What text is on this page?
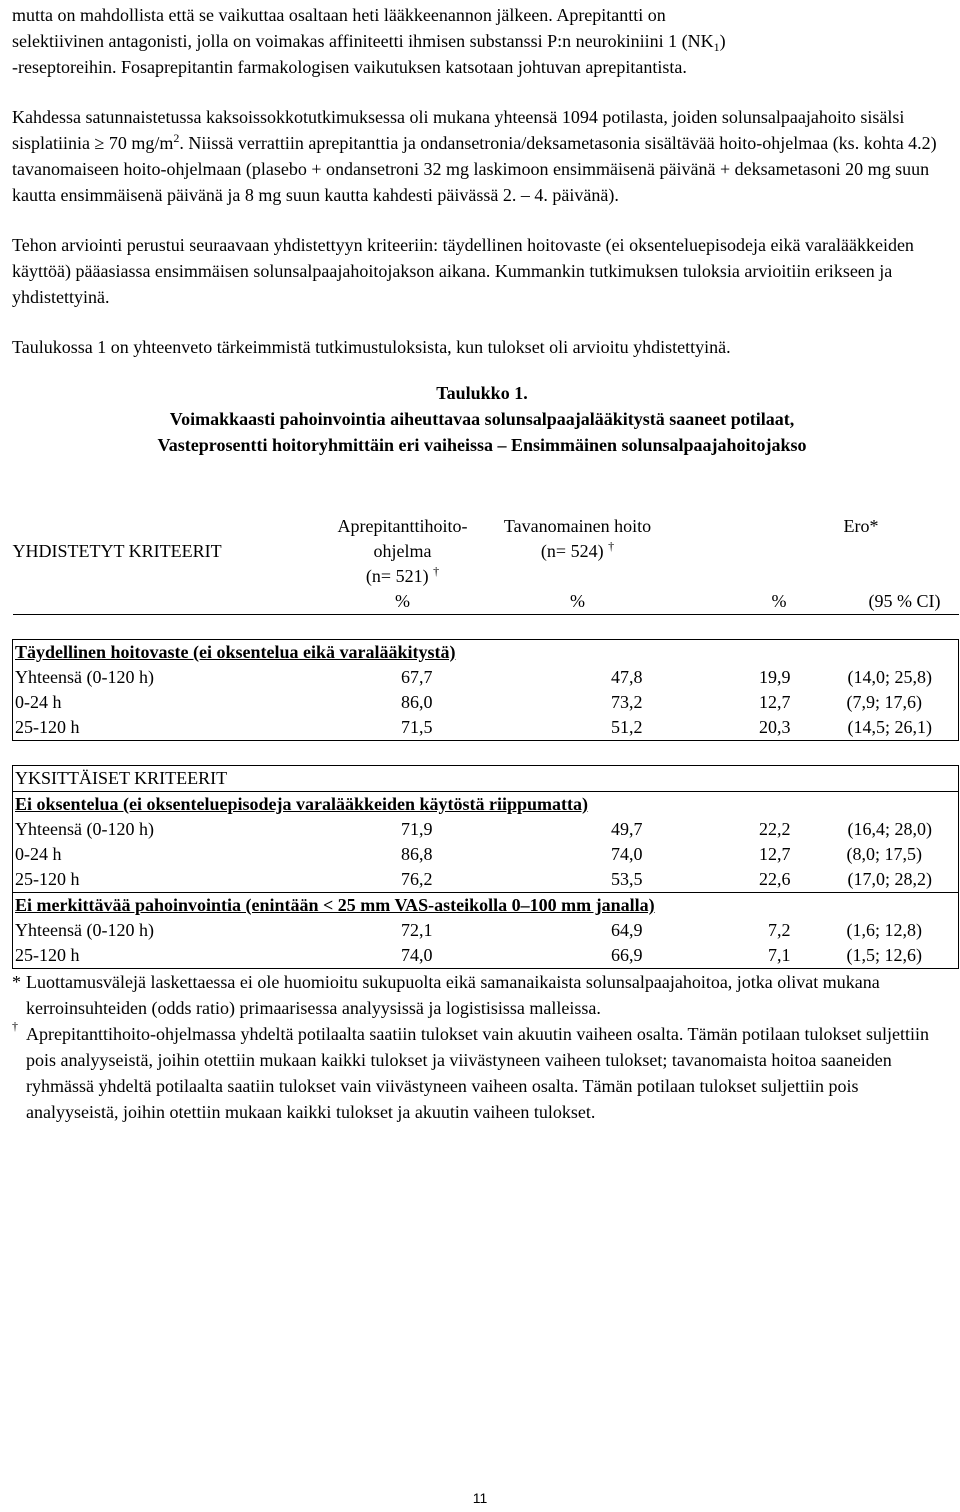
mutta on mahdollista että se vaikuttaa osaltaan heti lääkkeenannon jälkeen. Aprepitantti on

selektiivinen antagonisti, jolla on voimakas affiniteetti ihmisen substanssi P:n neurokiniini 1 $(NK_1)$

-reseptoreihin. Fosaprepitantin farmakologisen vaikutuksen katsotaan johtuvan aprepitantista.

Kahdessa satunnaistetussa kaksoissokkotutkimuksessa oli mukana yhteensä 1094 potilasta, joiden solunsalpaajahoito sisälsi sisplatiinia ≥ 70 $mg/m^2$. Niissä verrattiin aprepitanttia ja ondansetronia/deksametasonia sisältävää hoito-ohjelmaa (ks. kohta 4.2) tavanomaiseen hoito-ohjelmaan (plasebo + ondansetroni 32 mg laskimoon ensimmäisenä päivänä + deksametasoni 20 mg suun kautta ensimmäisenä päivänä ja 8 mg suun kautta kahdesti päivässä 2. – 4. päivänä).

Tehon arviointi perustui seuraavaan yhdistettyyn kriteeriin: täydellinen hoitovaste (ei oksenteluepisodeja eikä varalääkkeiden käyttöä) pääasiassa ensimmäisen solunsalpaajahoitojakson aikana. Kummankin tutkimuksen tuloksia arvioitiin erikseen ja yhdistettyinä.

Taulukossa 1 on yhteenveto tärkeimmistä tutkimustuloksista, kun tulokset oli arvioitu yhdistettyinä.

Taulukko 1.
Voimakkaasti pahoinvointia aiheuttavaa solunsalpaajalääkitystä saaneet potilaat,
Vasteprosentti hoitoryhmittäin eri vaiheissa – Ensimmäinen solunsalpaajahoitojakso
	Aprepitanttihoito-	Tavanomainen hoito	Ero*	
YHDISTETYT KRITEERIT	ohjelma
(n= 521) †	(n= 524) †		
	%	%	%	(95 % CI)

Täydellinen hoitovaste (ei oksentelua eikä varalääkitystä)				
Yhteensä (0-120 h)	67,7	47,8	19,9	(14,0; 25,8)
0-24 h	86,0	73,2	12,7	(7,9; 17,6)
25-120 h	71,5	51,2	20,3	(14,5; 26,1)

YKSITTÄISET KRITEERIT				
Ei oksentelua (ei oksenteluepisodeja varalääkkeiden käytöstä riippumatta)				
Yhteensä (0-120 h)	71,9	49,7	22,2	(16,4; 28,0)
0-24 h	86,8	74,0	12,7	(8,0; 17,5)
25-120 h	76,2	53,5	22,6	(17,0; 28,2)
Ei merkittävää pahoinvointia (enintään < 25 mm VAS-asteikolla 0–100 mm janalla)				
Yhteensä (0-120 h)	72,1	64,9	7,2	(1,6; 12,8)
25-120 h	74,0	66,9	7,1	(1,5; 12,6)
* Luottamusvälejä laskettaessa ei ole huomioitu sukupuolta eikä samanaikaista solunsalpaajahoitoa, jotka olivat mukana kerroinsuhteiden (odds ratio) primaarisessa analyysissä ja logistisissa malleissa.
† Aprepitanttihoito-ohjelmassa yhdeltä potilaalta saatiin tulokset vain akuutin vaiheen osalta. Tämän potilaan tulokset suljettiin pois analyyseistä, joihin otettiin mukaan kaikki tulokset ja viivästyneen vaiheen tulokset; tavanomaista hoitoa saaneiden ryhmässä yhdeltä potilaalta saatiin tulokset vain viivästyneen vaiheen osalta. Tämän potilaan tulokset suljettiin pois analyyseistä, joihin otettiin mukaan kaikki tulokset ja akuutin vaiheen tulokset.
11
